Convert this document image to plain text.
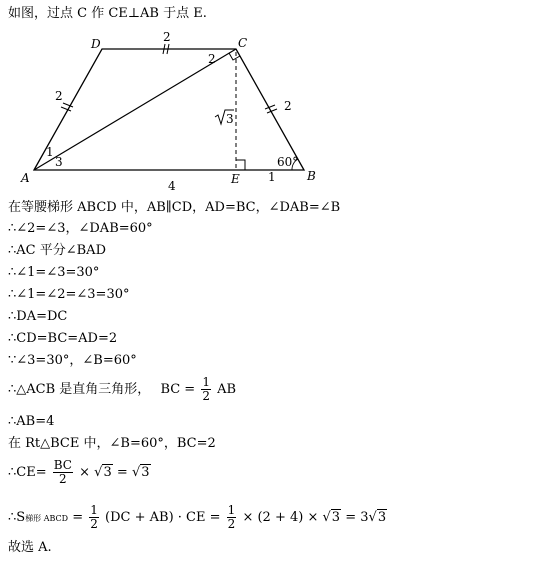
如图，过点 C 作 CE⊥AB 于点 E.
A	B
C
D
E
2
2
2
4
1
3
1
2
3	60°
在等腰梯形 ABCD 中，AB∥CD，AD=BC，∠DAB=∠B
∴∠2=∠3，∠DAB=60°
∴AC 平分∠BAD
∴∠1=∠3=30°
∴∠1=∠2=∠3=30°
∴DA=DC
∴CD=BC=AD=2
∵∠3=30°，∠B=60°
∴△ACB 是直角三角形， BC = $\frac{1}{2}$ AB
∴AB=4
在 Rt△BCE 中，∠B=60°，BC=2
∴CE= $\frac{BC}{2} \times √3 = √3$
∴S梯形 ABCD = $\frac{1}{2} (DC + AB)$ · CE = $\frac{1}{2} \times (2 + 4) \times √3 = 3√3$
故选 A.
